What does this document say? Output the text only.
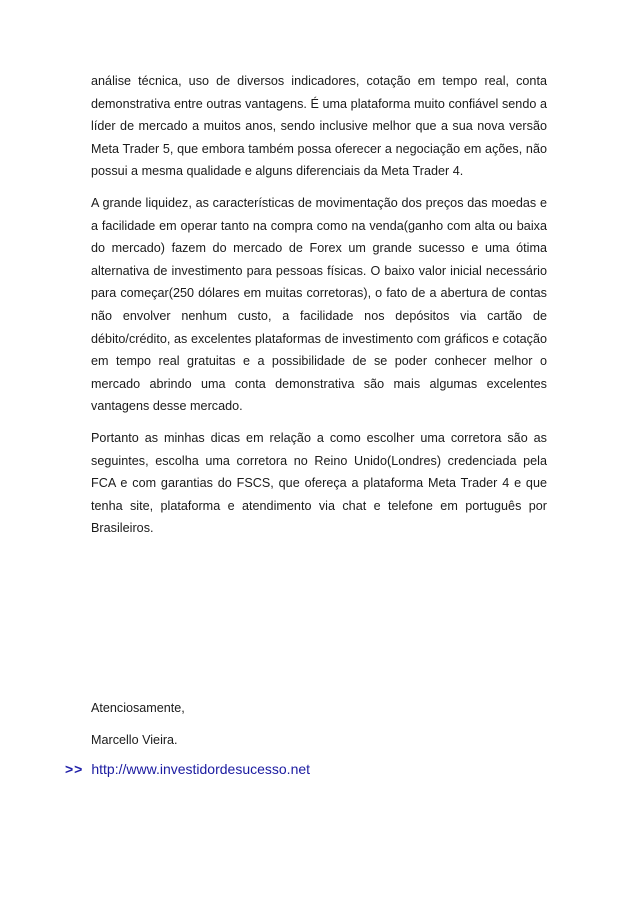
análise técnica, uso de diversos indicadores, cotação em tempo real, conta demonstrativa entre outras vantagens. É uma plataforma muito confiável sendo a líder de mercado a muitos anos, sendo inclusive melhor que a sua nova versão Meta Trader 5, que embora também possa oferecer a negociação em ações, não possui a mesma qualidade e alguns diferenciais da Meta Trader 4.

A grande liquidez, as características de movimentação dos preços das moedas e a facilidade em operar tanto na compra como na venda(ganho com alta ou baixa do mercado) fazem do mercado de Forex um grande sucesso e uma ótima alternativa de investimento para pessoas físicas. O baixo valor inicial necessário para começar(250 dólares em muitas corretoras), o fato de a abertura de contas não envolver nenhum custo, a facilidade nos depósitos via cartão de débito/crédito, as excelentes plataformas de investimento com gráficos e cotação em tempo real gratuitas e a possibilidade de se poder conhecer melhor o mercado abrindo uma conta demonstrativa são mais algumas excelentes vantagens desse mercado.

Portanto as minhas dicas em relação a como escolher uma corretora são as seguintes, escolha uma corretora no Reino Unido(Londres) credenciada pela FCA e com garantias do FSCS, que ofereça a plataforma Meta Trader 4 e que tenha site, plataforma e atendimento via chat e telefone em português por Brasileiros.

Atenciosamente,
Marcello Vieira.
>> http://www.investidordesucesso.net
